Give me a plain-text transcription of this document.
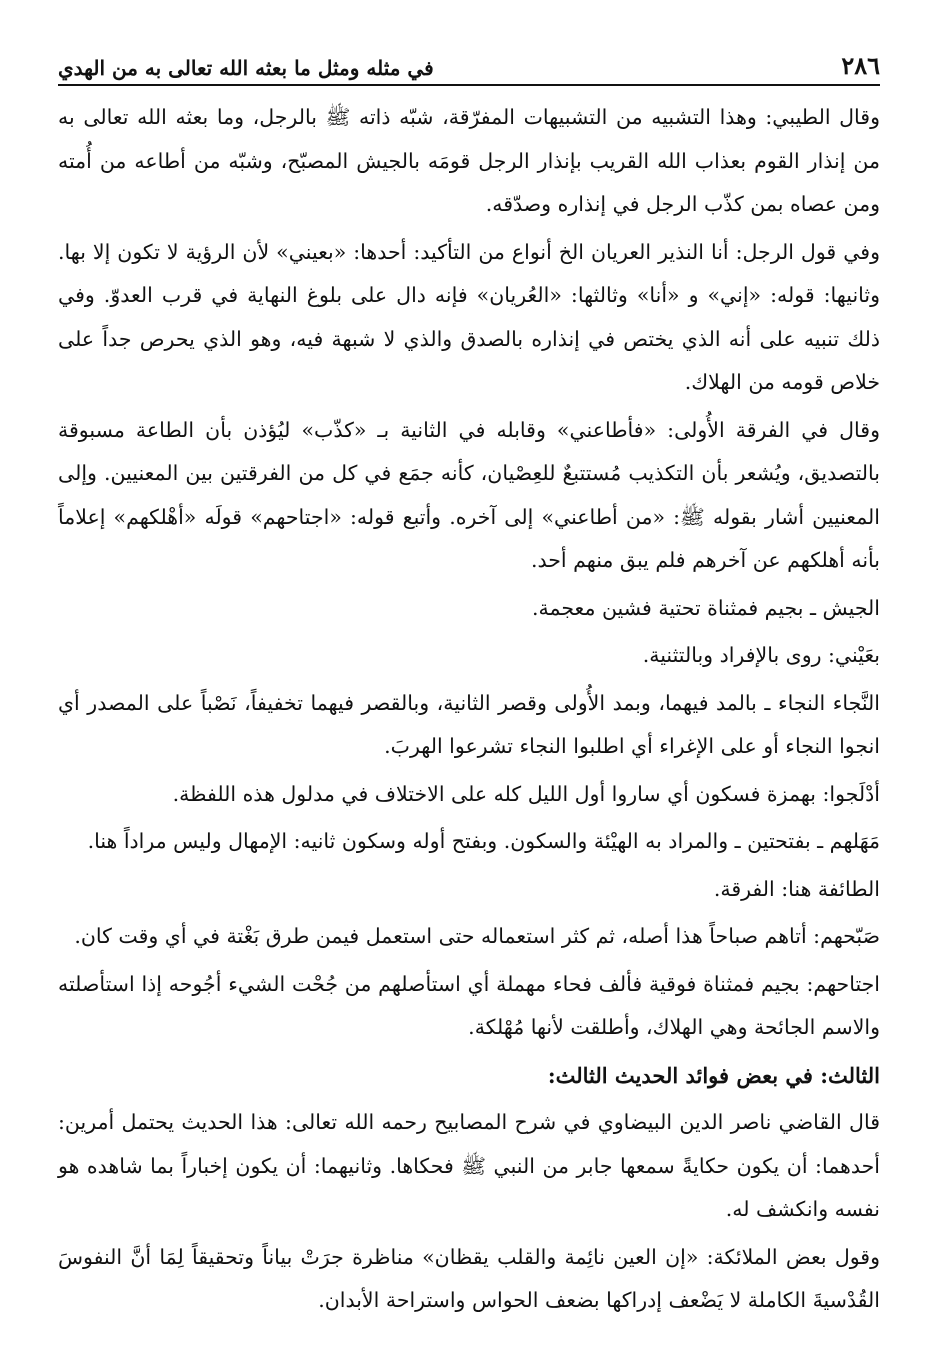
٢٨٦
في مثله ومثل ما بعثه الله تعالى به من الهدي

وقال الطيبي: وهذا التشبيه من التشبيهات المفرّقة، شبّه ذاته ﷺ بالرجل، وما بعثه الله تعالى به من إنذار القوم بعذاب الله القريب بإنذار الرجل قومَه بالجيش المصبّح، وشبّه من أطاعه من أُمته ومن عصاه بمن كذّب الرجل في إنذاره وصدّقه.

وفي قول الرجل: أنا النذير العريان الخ أنواع من التأكيد: أحدها: «بعيني» لأن الرؤية لا تكون إلا بها. وثانيها: قوله: «إني» و «أنا» وثالثها: «العُريان» فإنه دال على بلوغ النهاية في قرب العدوّ. وفي ذلك تنبيه على أنه الذي يختص في إنذاره بالصدق والذي لا شبهة فيه، وهو الذي يحرص جداً على خلاص قومه من الهلاك.

وقال في الفرقة الأُولى: «فأطاعني» وقابله في الثانية بـ «كذّب» ليُؤذن بأن الطاعة مسبوقة بالتصديق، ويُشعر بأن التكذيب مُستتبعٌ للعِصْيان، كأنه جمَع في كل من الفرقتين بين المعنيين. وإلى المعنيين أشار بقوله ﷺ: «من أطاعني» إلى آخره. وأتبع قوله: «اجتاحهم» قولَه «أهْلكهم» إعلاماً بأنه أهلكهم عن آخرهم فلم يبق منهم أحد.

الجيش ـ بجيم فمثناة تحتية فشين معجمة.

بعَيْني: روى بالإفراد وبالتثنية.

النَّجاء النجاء ـ بالمد فيهما، وبمد الأُولى وقصر الثانية، وبالقصر فيهما تخفيفاً، نَصْباً على المصدر أي انجوا النجاء أو على الإغراء أي اطلبوا النجاء تشرعوا الهربَ.

أدْلَجوا: بهمزة فسكون أي ساروا أول الليل كله على الاختلاف في مدلول هذه اللفظة.

مَهَلهم ـ بفتحتين ـ والمراد به الهيْئة والسكون. وبفتح أوله وسكون ثانيه: الإمهال وليس مراداً هنا.

الطائفة هنا: الفرقة.

صَبّحهم: أتاهم صباحاً هذا أصله، ثم كثر استعماله حتى استعمل فيمن طرق بَغْتة في أي وقت كان.

اجتاحهم: بجيم فمثناة فوقية فألف فحاء مهملة أي استأصلهم من جُحْت الشيء أجُوحه إذا استأصلته والاسم الجائحة وهي الهلاك، وأطلقت لأنها مُهْلكة.

الثالث: في بعض فوائد الحديث الثالث:

قال القاضي ناصر الدين البيضاوي في شرح المصابيح رحمه الله تعالى: هذا الحديث يحتمل أمرين: أحدهما: أن يكون حكايةً سمعها جابر من النبي ﷺ فحكاها. وثانيهما: أن يكون إخباراً بما شاهده هو نفسه وانكشف له.

وقول بعض الملائكة: «إن العين نائِمة والقلب يقظان» مناظرة جرَتْ بياناً وتحقيقاً لِمَا أنَّ النفوسَ القُدْسيةَ الكاملة لا يَضْعف إدراكها بضعف الحواس واستراحة الأبدان.
